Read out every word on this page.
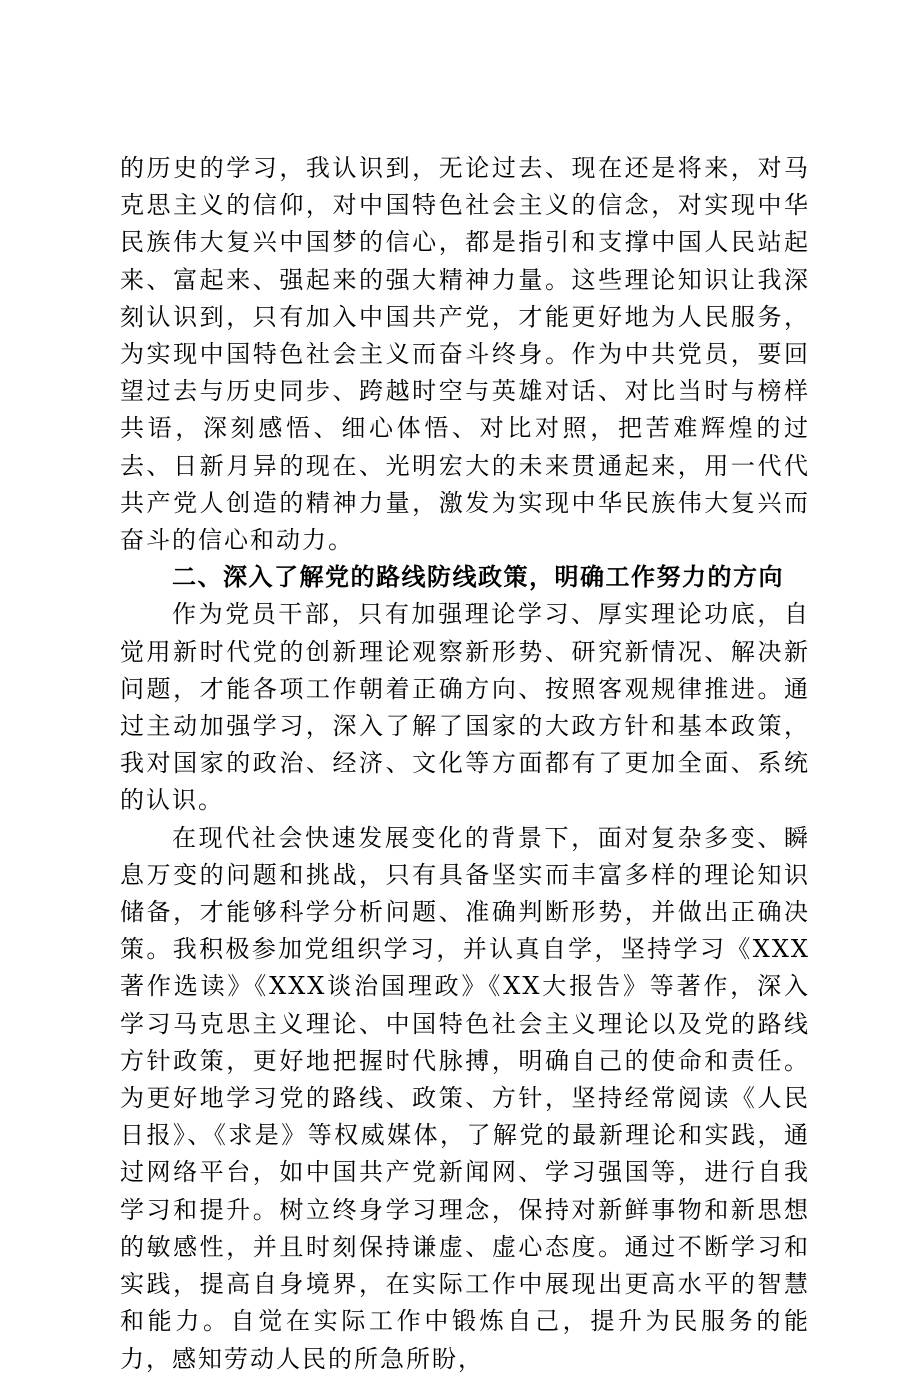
的历史的学习，我认识到，无论过去、现在还是将来，对马克思主义的信仰，对中国特色社会主义的信念，对实现中华民族伟大复兴中国梦的信心，都是指引和支撑中国人民站起来、富起来、强起来的强大精神力量。这些理论知识让我深刻认识到，只有加入中国共产党，才能更好地为人民服务，为实现中国特色社会主义而奋斗终身。作为中共党员，要回望过去与历史同步、跨越时空与英雄对话、对比当时与榜样共语，深刻感悟、细心体悟、对比对照，把苦难辉煌的过去、日新月异的现在、光明宏大的未来贯通起来，用一代代共产党人创造的精神力量，激发为实现中华民族伟大复兴而奋斗的信心和动力。

二、深入了解党的路线防线政策，明确工作努力的方向

作为党员干部，只有加强理论学习、厚实理论功底，自觉用新时代党的创新理论观察新形势、研究新情况、解决新问题，才能各项工作朝着正确方向、按照客观规律推进。通过主动加强学习，深入了解了国家的大政方针和基本政策，我对国家的政治、经济、文化等方面都有了更加全面、系统的认识。

在现代社会快速发展变化的背景下，面对复杂多变、瞬息万变的问题和挑战，只有具备坚实而丰富多样的理论知识储备，才能够科学分析问题、准确判断形势，并做出正确决策。我积极参加党组织学习，并认真自学，坚持学习《XXX著作选读》《XXX谈治国理政》《XX大报告》等著作，深入学习马克思主义理论、中国特色社会主义理论以及党的路线方针政策，更好地把握时代脉搏，明确自己的使命和责任。为更好地学习党的路线、政策、方针，坚持经常阅读《人民日报》、《求是》等权威媒体，了解党的最新理论和实践，通过网络平台，如中国共产党新闻网、学习强国等，进行自我学习和提升。树立终身学习理念，保持对新鲜事物和新思想的敏感性，并且时刻保持谦虚、虚心态度。通过不断学习和实践，提高自身境界，在实际工作中展现出更高水平的智慧和能力。自觉在实际工作中锻炼自己，提升为民服务的能力，感知劳动人民的所急所盼，
